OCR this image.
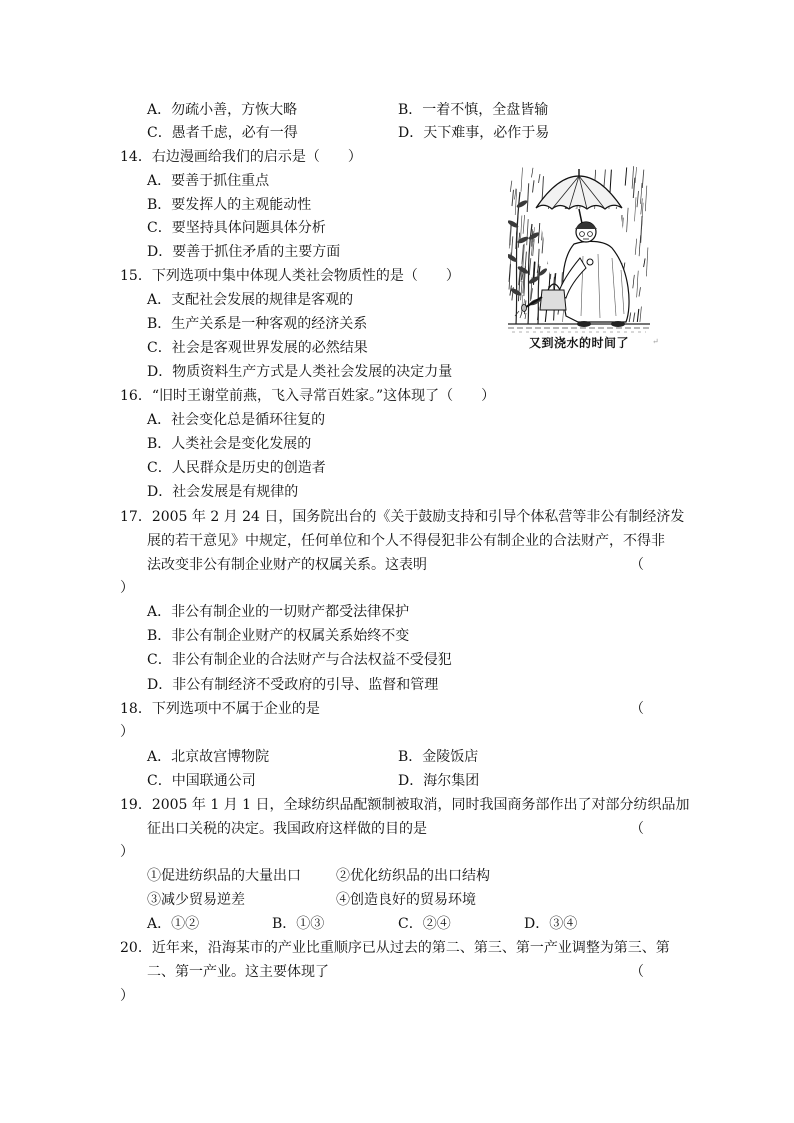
A．勿疏小善，方恢大略	B．一着不慎，全盘皆输
C．愚者千虑，必有一得	D．天下难事，必作于易
14．右边漫画给我们的启示是（　　）
A．要善于抓住重点
B．要发挥人的主观能动性
C．要坚持具体问题具体分析
D．要善于抓住矛盾的主要方面
又到浇水的时间了	↵
15．下列选项中集中体现人类社会物质性的是（　　）
A．支配社会发展的规律是客观的
B．生产关系是一种客观的经济关系
C．社会是客观世界发展的必然结果
D．物质资料生产方式是人类社会发展的决定力量
16．“旧时王谢堂前燕，飞入寻常百姓家。”这体现了（　　）
A．社会变化总是循环往复的
B．人类社会是变化发展的
C．人民群众是历史的创造者
D．社会发展是有规律的
17．2005 年 2 月 24 日，国务院出台的《关于鼓励支持和引导个体私营等非公有制经济发
展的若干意见》中规定，任何单位和个人不得侵犯非公有制企业的合法财产，不得非
法改变非公有制企业财产的权属关系。这表明	（
）
A．非公有制企业的一切财产都受法律保护
B．非公有制企业财产的权属关系始终不变
C．非公有制企业的合法财产与合法权益不受侵犯
D．非公有制经济不受政府的引导、监督和管理
18．下列选项中不属于企业的是	（
）
A．北京故宫博物院	B．金陵饭店
C．中国联通公司	D．海尔集团
19．2005 年 1 月 1 日，全球纺织品配额制被取消，同时我国商务部作出了对部分纺织品加
征出口关税的决定。我国政府这样做的目的是	（
）
①促进纺织品的大量出口	②优化纺织品的出口结构
③减少贸易逆差	④创造良好的贸易环境
A．①②	B．①③	C．②④	D．③④
20．近年来，沿海某市的产业比重顺序已从过去的第二、第三、第一产业调整为第三、第
二、第一产业。这主要体现了	（
）
